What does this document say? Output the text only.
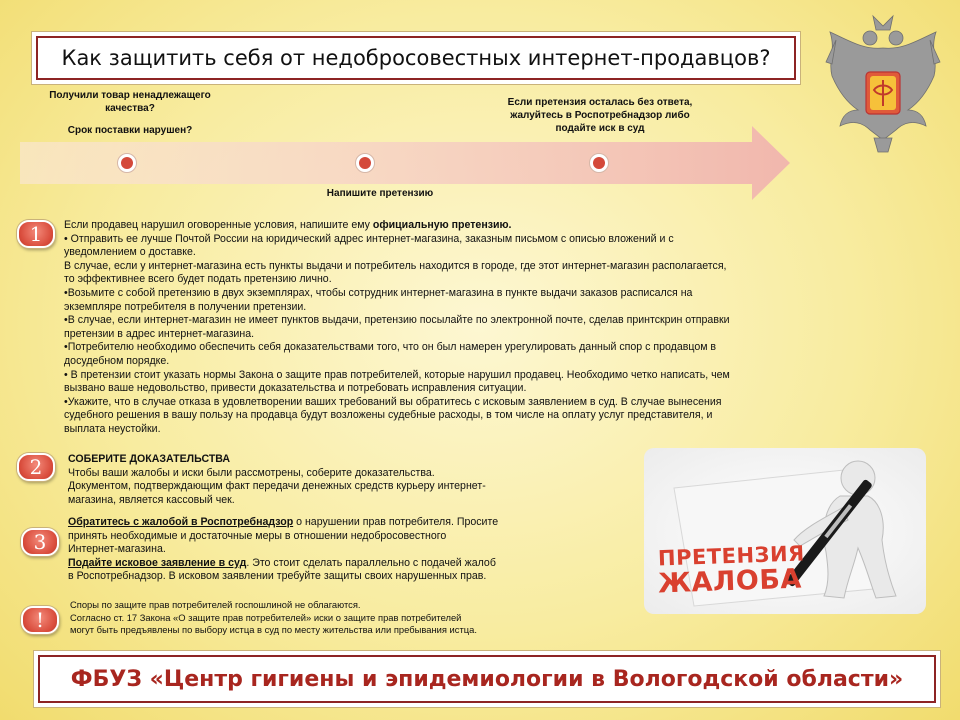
Как защитить себя от недобросовестных интернет-продавцов?
Получили товар ненадлежащего
качества?
Срок поставки нарушен?
Напишите претензию
Если претензия осталась без ответа,
жалуйтесь в Роспотребнадзор либо
подайте иск в суд
1 Если продавец нарушил оговоренные условия, напишите ему официальную претензию.

• Отправить ее лучше Почтой России на юридический адрес интернет-магазина, заказным письмом с описью вложений и с

уведомлением о доставке.

В случае, если у интернет-магазина есть пункты выдачи и потребитель находится в городе, где этот интернет-магазин располагается,

то эффективнее всего будет подать претензию лично.

•Возьмите с собой претензию в двух экземплярах, чтобы сотрудник интернет-магазина в пункте выдачи заказов расписался на

экземпляре потребителя в получении претензии.

•В случае, если интернет-магазин не имеет пунктов выдачи, претензию посылайте по электронной почте, сделав принтскрин отправки

претензии в адрес интернет-магазина.

•Потребителю необходимо обеспечить себя доказательствами того, что он был намерен урегулировать данный спор с продавцом в

досудебном порядке.

• В претензии стоит указать нормы Закона о защите прав потребителей, которые нарушил продавец. Необходимо четко написать, чем

вызвано ваше недовольство, привести доказательства и потребовать исправления ситуации.

•Укажите, что в случае отказа в удовлетворении ваших требований вы обратитесь с исковым заявлением в суд. В случае вынесения

судебного решения в вашу пользу на продавца будут возложены судебные расходы, в том числе на оплату услуг представителя, и

выплата неустойки.

2 СОБЕРИТЕ ДОКАЗАТЕЛЬСТВА

Чтобы ваши жалобы и иски были рассмотрены, соберите доказательства.

Документом, подтверждающим факт передачи денежных средств курьеру интернет-

магазина, является кассовый чек.

3

Обратитесь с жалобой в Роспотребнадзор о нарушении прав потребителя. Просите

принять необходимые и достаточные меры в отношении недобросовестного

Интернет-магазина.

Подайте исковое заявление в суд. Это стоит сделать параллельно с подачей жалоб

в Роспотребнадзор. В исковом заявлении требуйте защиты своих нарушенных прав.

!

Споры по защите прав потребителей госпошлиной не облагаются.

Согласно ст. 17 Закона «О защите прав потребителей» иски о защите прав потребителей

могут быть предъявлены по выбору истца в суд по месту жительства или пребывания истца.

ПРЕТЕНЗИЯ
ЖАЛОБА
ФБУЗ «Центр гигиены и эпидемиологии в Вологодской области»
